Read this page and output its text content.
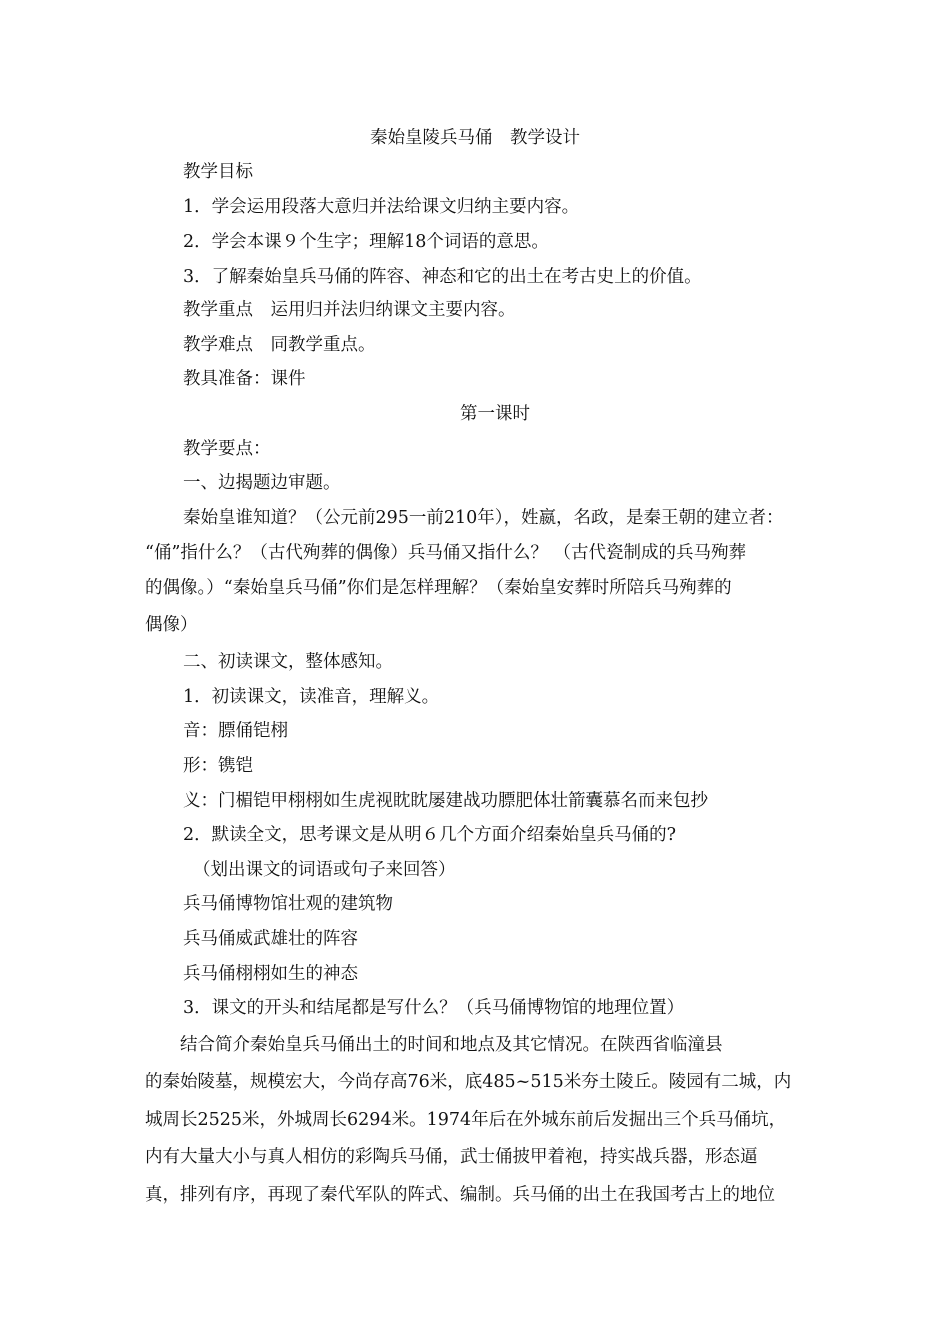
秦始皇陵兵马俑　教学设计
教学目标
1．学会运用段落大意归并法给课文归纳主要内容。
2．学会本课９个生字；理解18个词语的意思。
3．了解秦始皇兵马俑的阵容、神态和它的出土在考古史上的价值。
教学重点　运用归并法归纳课文主要内容。
教学难点　同教学重点。
教具准备：课件
第一课时
教学要点：
一、边揭题边审题。
秦始皇谁知道？（公元前295一前210年），姓嬴，名政，是秦王朝的建立者：
“俑”指什么？（古代殉葬的偶像）兵马俑又指什么？ （古代瓷制成的兵马殉葬
的偶像。）“秦始皇兵马俑”你们是怎样理解？（秦始皇安葬时所陪兵马殉葬的
偶像）
二、初读课文，整体感知。
1．初读课文，读准音，理解义。
音：膘俑铠栩
形：镌铠
义：门楣铠甲栩栩如生虎视眈眈屡建战功膘肥体壮箭囊慕名而来包抄
2．默读全文，思考课文是从明６几个方面介绍秦始皇兵马俑的?
（划出课文的词语或句子来回答）
兵马俑博物馆壮观的建筑物
兵马俑威武雄壮的阵容
兵马俑栩栩如生的神态
3．课文的开头和结尾都是写什么？（兵马俑博物馆的地理位置）
　　结合简介秦始皇兵马俑出土的时间和地点及其它情况。在陕西省临潼县
的秦始陵墓，规模宏大，今尚存高76米，底485~515米夯土陵丘。陵园有二城，内
城周长2525米，外城周长6294米。1974年后在外城东前后发掘出三个兵马俑坑，
内有大量大小与真人相仿的彩陶兵马俑，武士俑披甲着袍，持实战兵器，形态逼
真，排列有序，再现了秦代军队的阵式、编制。兵马俑的出土在我国考古上的地位
